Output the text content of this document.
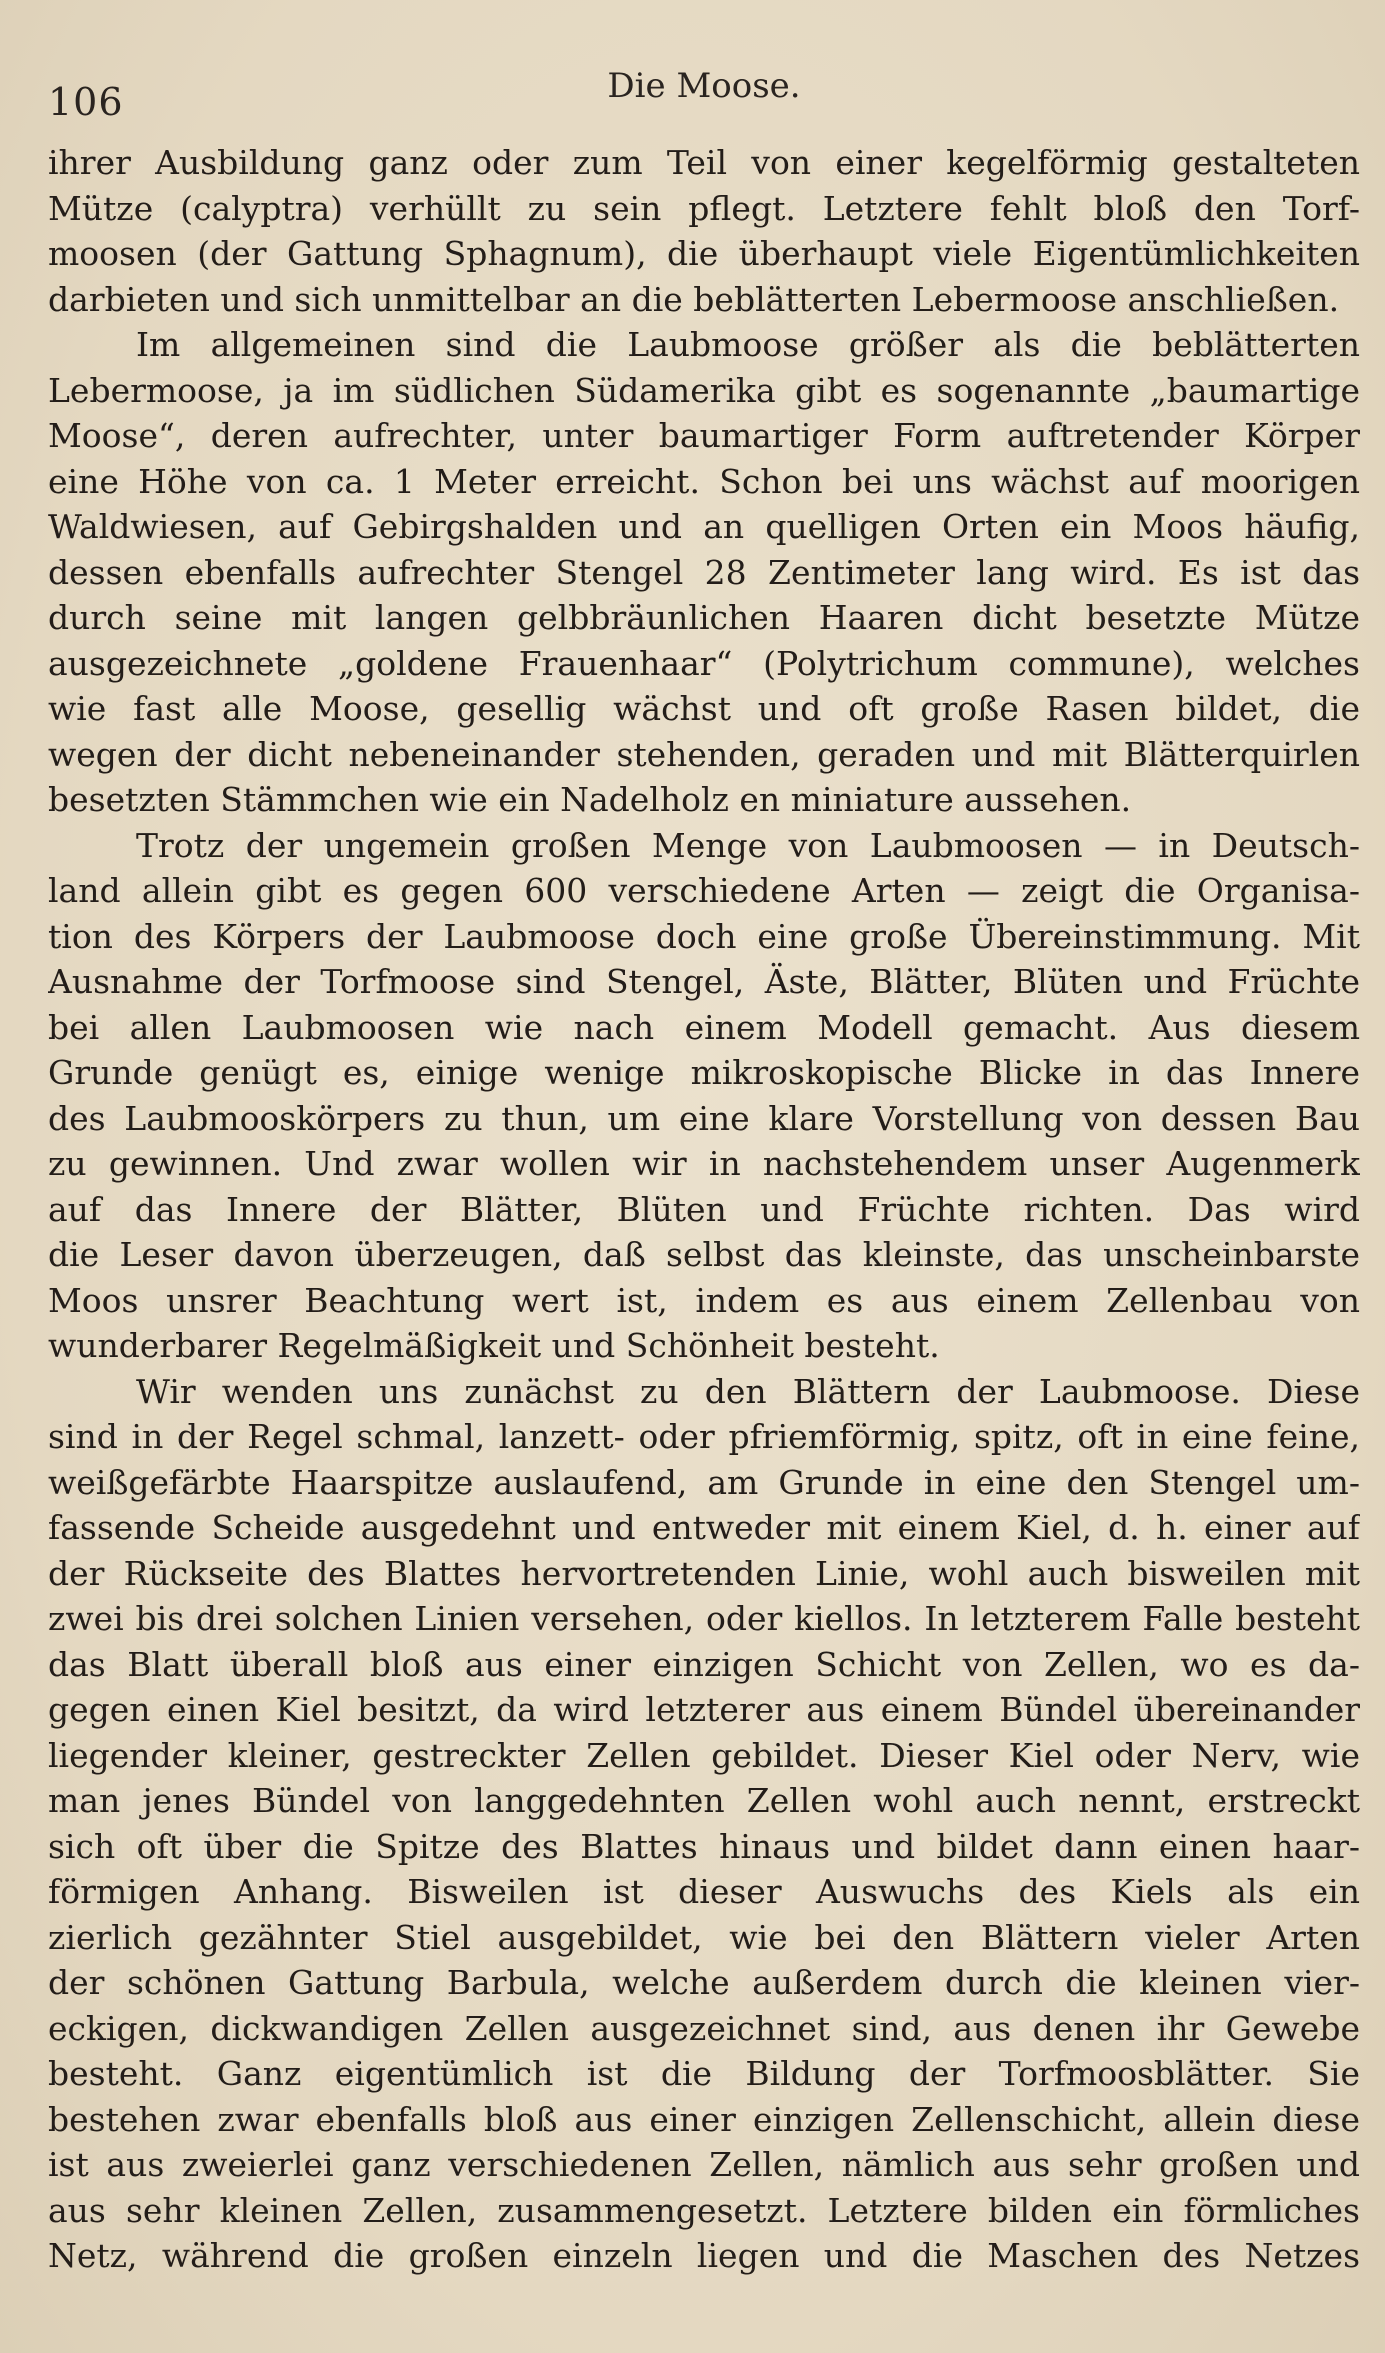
106	Die Moose.
ihrer Ausbildung ganz oder zum Teil von einer kegelförmig gestalteten
Mütze (calyptra) verhüllt zu sein pflegt. Letztere fehlt bloß den Torf-
moosen (der Gattung Sphagnum), die überhaupt viele Eigentümlichkeiten
darbieten und sich unmittelbar an die beblätterten Lebermoose anschließen.
Im allgemeinen sind die Laubmoose größer als die beblätterten
Lebermoose, ja im südlichen Südamerika gibt es sogenannte „baumartige
Moose“, deren aufrechter, unter baumartiger Form auftretender Körper
eine Höhe von ca. 1 Meter erreicht. Schon bei uns wächst auf moorigen
Waldwiesen, auf Gebirgshalden und an quelligen Orten ein Moos häufig,
dessen ebenfalls aufrechter Stengel 28 Zentimeter lang wird. Es ist das
durch seine mit langen gelbbräunlichen Haaren dicht besetzte Mütze
ausgezeichnete „goldene Frauenhaar“ (Polytrichum commune), welches
wie fast alle Moose, gesellig wächst und oft große Rasen bildet, die
wegen der dicht nebeneinander stehenden, geraden und mit Blätterquirlen
besetzten Stämmchen wie ein Nadelholz en miniature aussehen.
Trotz der ungemein großen Menge von Laubmoosen — in Deutsch-
land allein gibt es gegen 600 verschiedene Arten — zeigt die Organisa-
tion des Körpers der Laubmoose doch eine große Übereinstimmung. Mit
Ausnahme der Torfmoose sind Stengel, Äste, Blätter, Blüten und Früchte
bei allen Laubmoosen wie nach einem Modell gemacht. Aus diesem
Grunde genügt es, einige wenige mikroskopische Blicke in das Innere
des Laubmooskörpers zu thun, um eine klare Vorstellung von dessen Bau
zu gewinnen. Und zwar wollen wir in nachstehendem unser Augenmerk
auf das Innere der Blätter, Blüten und Früchte richten. Das wird
die Leser davon überzeugen, daß selbst das kleinste, das unscheinbarste
Moos unsrer Beachtung wert ist, indem es aus einem Zellenbau von
wunderbarer Regelmäßigkeit und Schönheit besteht.
Wir wenden uns zunächst zu den Blättern der Laubmoose. Diese
sind in der Regel schmal, lanzett- oder pfriemförmig, spitz, oft in eine feine,
weißgefärbte Haarspitze auslaufend, am Grunde in eine den Stengel um-
fassende Scheide ausgedehnt und entweder mit einem Kiel, d. h. einer auf
der Rückseite des Blattes hervortretenden Linie, wohl auch bisweilen mit
zwei bis drei solchen Linien versehen, oder kiellos. In letzterem Falle besteht
das Blatt überall bloß aus einer einzigen Schicht von Zellen, wo es da-
gegen einen Kiel besitzt, da wird letzterer aus einem Bündel übereinander
liegender kleiner, gestreckter Zellen gebildet. Dieser Kiel oder Nerv, wie
man jenes Bündel von langgedehnten Zellen wohl auch nennt, erstreckt
sich oft über die Spitze des Blattes hinaus und bildet dann einen haar-
förmigen Anhang. Bisweilen ist dieser Auswuchs des Kiels als ein
zierlich gezähnter Stiel ausgebildet, wie bei den Blättern vieler Arten
der schönen Gattung Barbula, welche außerdem durch die kleinen vier-
eckigen, dickwandigen Zellen ausgezeichnet sind, aus denen ihr Gewebe
besteht. Ganz eigentümlich ist die Bildung der Torfmoosblätter. Sie
bestehen zwar ebenfalls bloß aus einer einzigen Zellenschicht, allein diese
ist aus zweierlei ganz verschiedenen Zellen, nämlich aus sehr großen und
aus sehr kleinen Zellen, zusammengesetzt. Letztere bilden ein förmliches
Netz, während die großen einzeln liegen und die Maschen des Netzes
